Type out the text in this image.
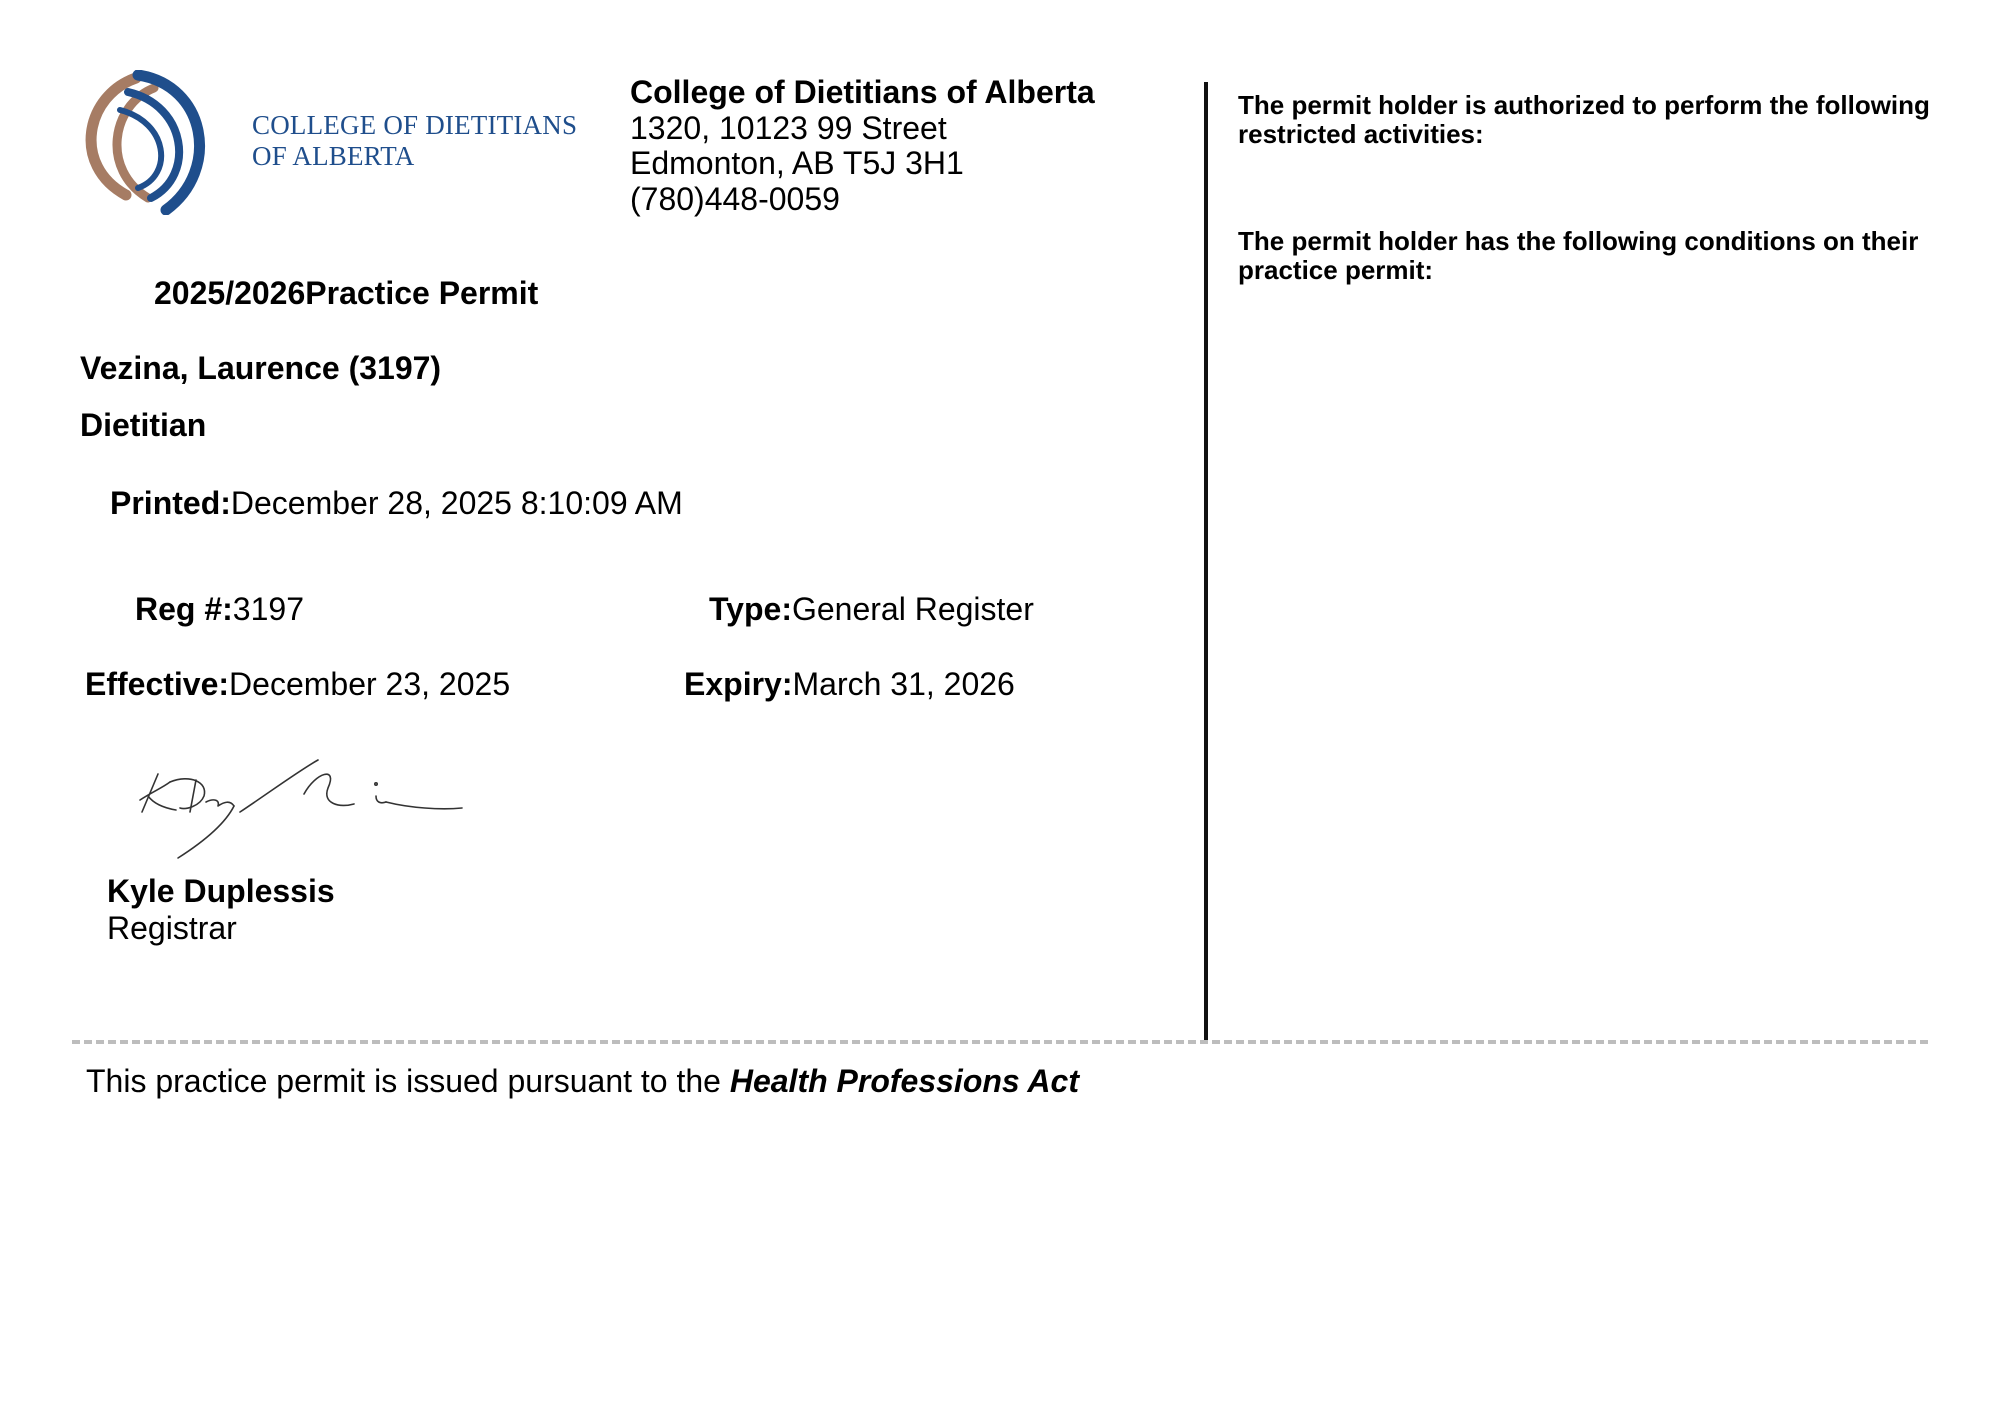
COLLEGE OF DIETITIANS
OF ALBERTA
College of Dietitians of Alberta
1320, 10123 99 Street
Edmonton, AB T5J 3H1
(780)448-0059
2025/2026Practice Permit
Vezina, Laurence (3197)
Dietitian
Printed:December 28, 2025 8:10:09 AM
Reg #:3197	Type:General Register
Effective:December 23, 2025	Expiry:March 31, 2026
Kyle Duplessis
Registrar
The permit holder is authorized to perform the following restricted activities:
The permit holder has the following conditions on their practice permit:
This practice permit is issued pursuant to the Health Professions Act
